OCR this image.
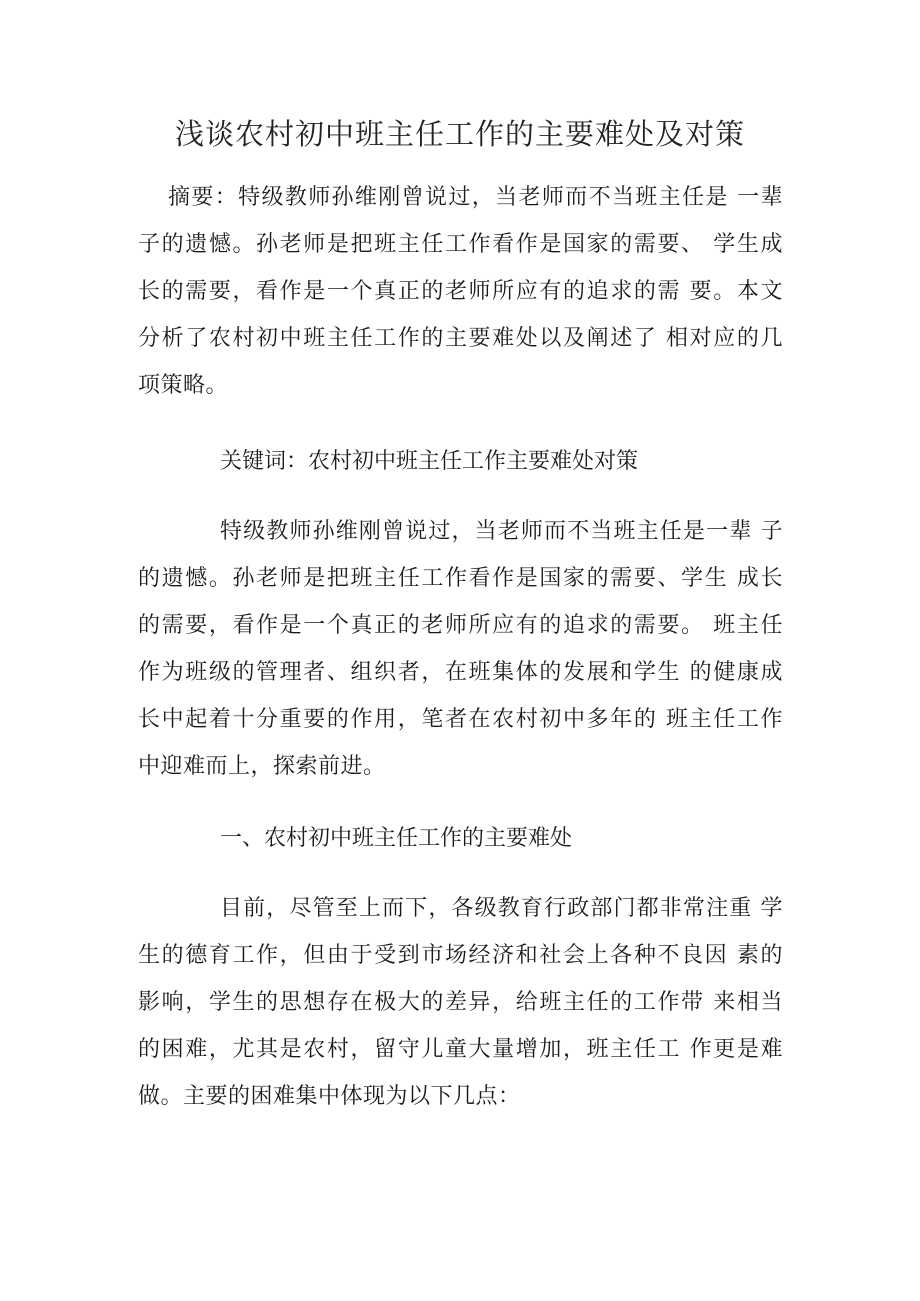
浅谈农村初中班主任工作的主要难处及对策
摘要：特级教师孙维刚曾说过，当老师而不当班主任是 一辈
子的遗憾。孙老师是把班主任工作看作是国家的需要、 学生成
长的需要，看作是一个真正的老师所应有的追求的需 要。本文
分析了农村初中班主任工作的主要难处以及阐述了 相对应的几
项策略。
关键词：农村初中班主任工作主要难处对策
特级教师孙维刚曾说过，当老师而不当班主任是一辈 子
的遗憾。孙老师是把班主任工作看作是国家的需要、学生 成长
的需要，看作是一个真正的老师所应有的追求的需要。 班主任
作为班级的管理者、组织者，在班集体的发展和学生 的健康成
长中起着十分重要的作用，笔者在农村初中多年的 班主任工作
中迎难而上，探索前进。
一、农村初中班主任工作的主要难处
目前，尽管至上而下，各级教育行政部门都非常注重 学
生的德育工作，但由于受到市场经济和社会上各种不良因 素的
影响，学生的思想存在极大的差异，给班主任的工作带 来相当
的困难，尤其是农村，留守儿童大量增加，班主任工 作更是难
做。主要的困难集中体现为以下几点：
